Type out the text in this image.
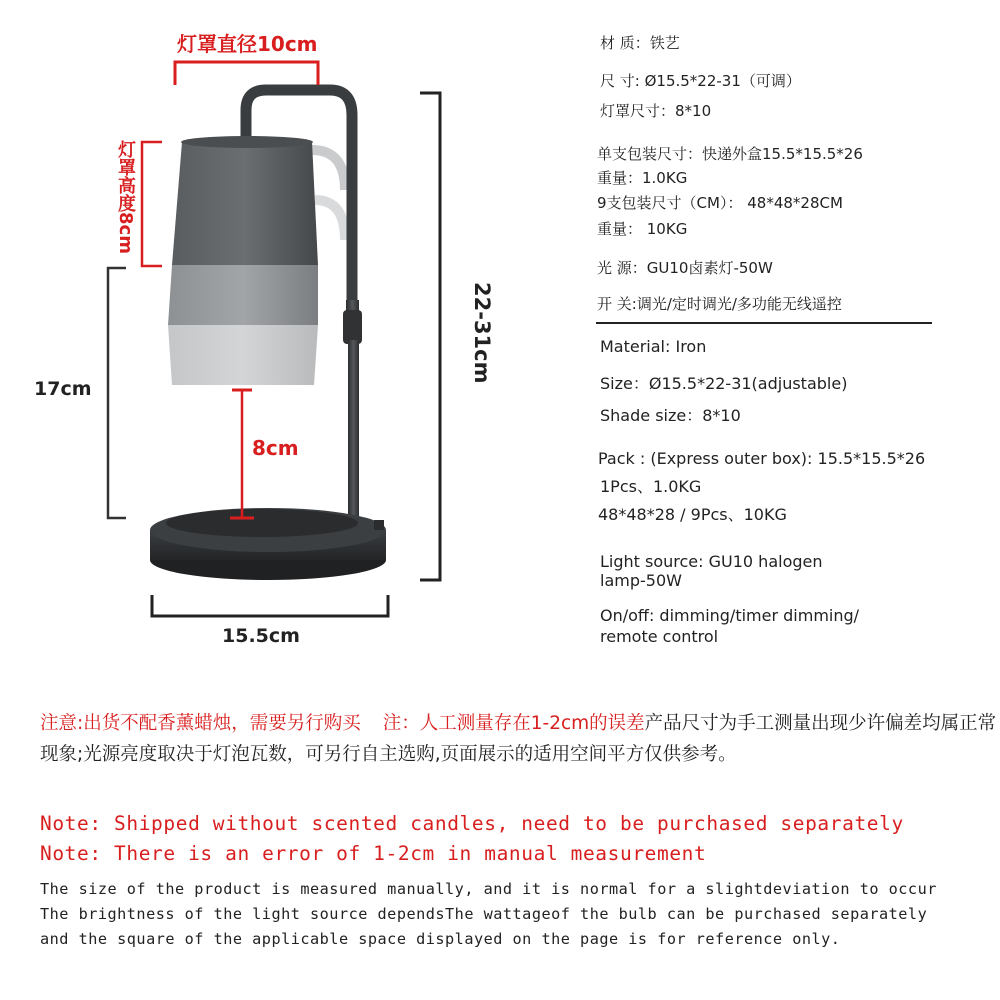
灯罩直径10cm
灯罩高度8cm
17cm
8cm
22-31cm
15.5cm
材 质：铁艺
尺 寸: Ø15.5*22-31（可调）
灯罩尺寸：8*10
单支包装尺寸：快递外盒15.5*15.5*26
重量：1.0KG
9支包装尺寸（CM）： 48*48*28CM
重量： 10KG
光 源：GU10卤素灯-50W
开 关:调光/定时调光/多功能无线遥控
Material: Iron
Size：Ø15.5*22-31(adjustable)
Shade size：8*10
Pack : (Express outer box): 15.5*15.5*26
1Pcs、1.0KG
48*48*28 / 9Pcs、10KG
Light source: GU10 halogen
lamp-50W
On/off: dimming/timer dimming/
remote control
注意:出货不配香薰蜡烛，需要另行购买 注：人工测量存在1-2cm的误差产品尺寸为手工测量出现少许偏差均属正常现象;光源亮度取决于灯泡瓦数，可另行自主选购,页面展示的适用空间平方仅供参考。
Note: Shipped without scented candles, need to be purchased separately
Note: There is an error of 1-2cm in manual measurement
The size of the product is measured manually, and it is normal for a slightdeviation to occur
The brightness of the light source dependsThe wattageof the bulb can be purchased separately
and the square of the applicable space displayed on the page is for reference only.
